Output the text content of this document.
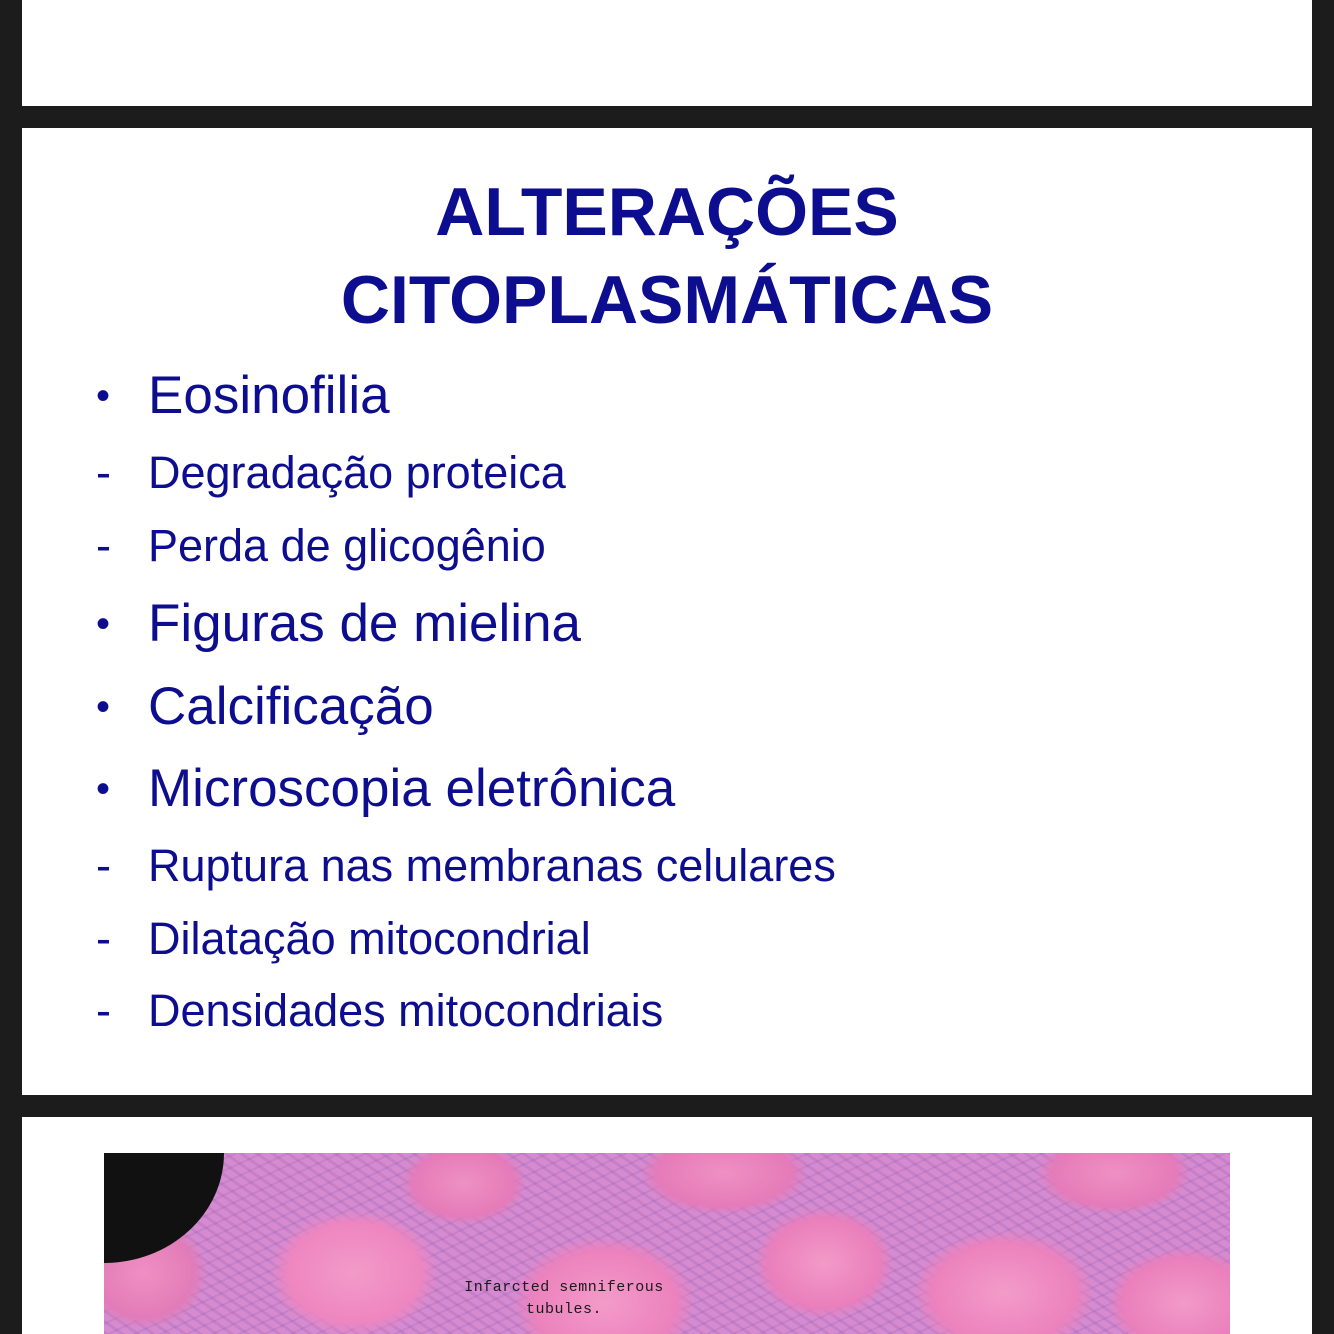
ALTERAÇÕES
CITOPLASMÁTICAS
• Eosinofilia
- Degradação proteica
- Perda de glicogênio
• Figuras de mielina
• Calcificação
• Microscopia eletrônica
- Ruptura nas membranas celulares
- Dilatação mitocondrial
- Densidades mitocondriais
Infarcted semniferous
tubules.
